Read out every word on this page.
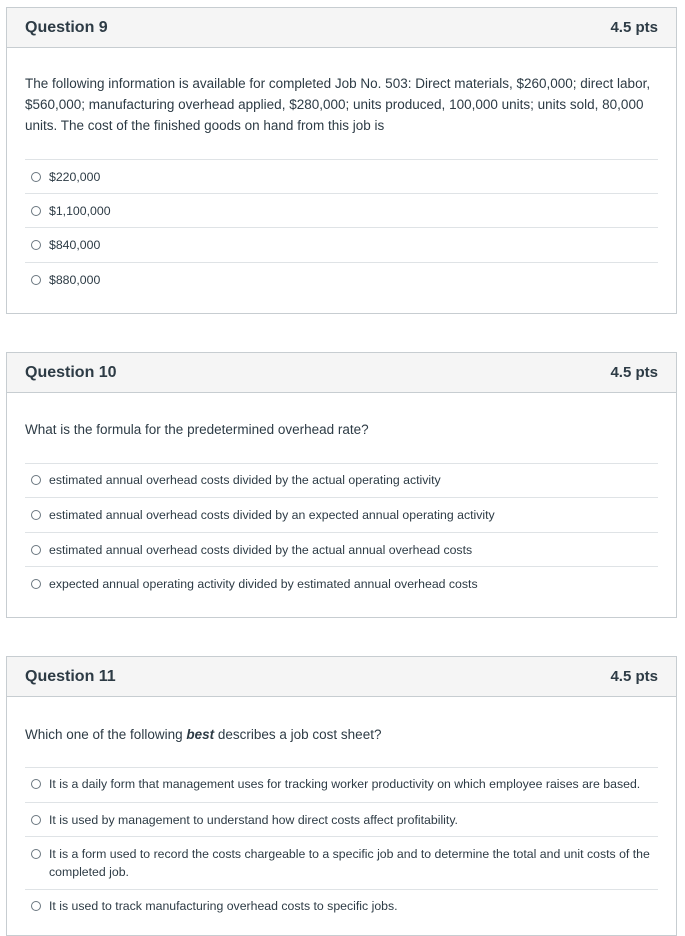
Question 9	4.5 pts
The following information is available for completed Job No. 503: Direct materials, $260,000; direct labor, $560,000; manufacturing overhead applied, $280,000; units produced, 100,000 units; units sold, 80,000 units. The cost of the finished goods on hand from this job is
$220,000
$1,100,000
$840,000
$880,000
Question 10	4.5 pts
What is the formula for the predetermined overhead rate?
estimated annual overhead costs divided by the actual operating activity
estimated annual overhead costs divided by an expected annual operating activity
estimated annual overhead costs divided by the actual annual overhead costs
expected annual operating activity divided by estimated annual overhead costs
Question 11	4.5 pts
Which one of the following best describes a job cost sheet?
It is a daily form that management uses for tracking worker productivity on which employee raises are based.
It is used by management to understand how direct costs affect profitability.
It is a form used to record the costs chargeable to a specific job and to determine the total and unit costs of the completed job.
It is used to track manufacturing overhead costs to specific jobs.
